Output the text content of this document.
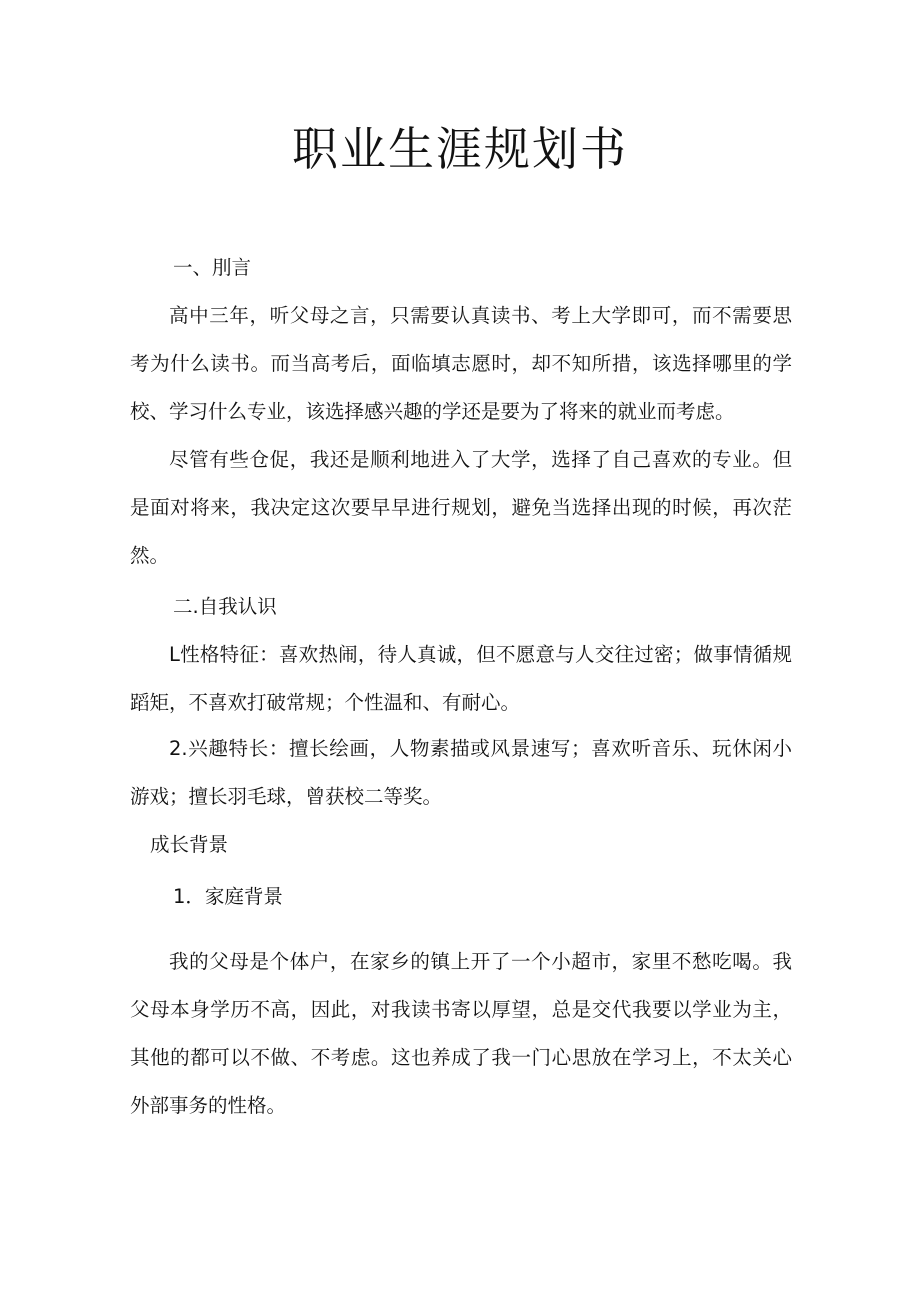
职业生涯规划书

一、刖言

高中三年，听父母之言，只需要认真读书、考上大学即可，而不需要思考为什么读书。而当高考后，面临填志愿时，却不知所措，该选择哪里的学校、学习什么专业，该选择感兴趣的学还是要为了将来的就业而考虑。

尽管有些仓促，我还是顺利地进入了大学，选择了自己喜欢的专业。但是面对将来，我决定这次要早早进行规划，避免当选择出现的时候，再次茫然。

二.自我认识

L性格特征：喜欢热闹，待人真诚，但不愿意与人交往过密；做事情循规蹈矩，不喜欢打破常规；个性温和、有耐心。

2.兴趣特长：擅长绘画，人物素描或风景速写；喜欢听音乐、玩休闲小游戏；擅长羽毛球，曾获校二等奖。

成长背景

1．家庭背景

我的父母是个体户，在家乡的镇上开了一个小超市，家里不愁吃喝。我父母本身学历不高，因此，对我读书寄以厚望，总是交代我要以学业为主，其他的都可以不做、不考虑。这也养成了我一门心思放在学习上，不太关心外部事务的性格。
